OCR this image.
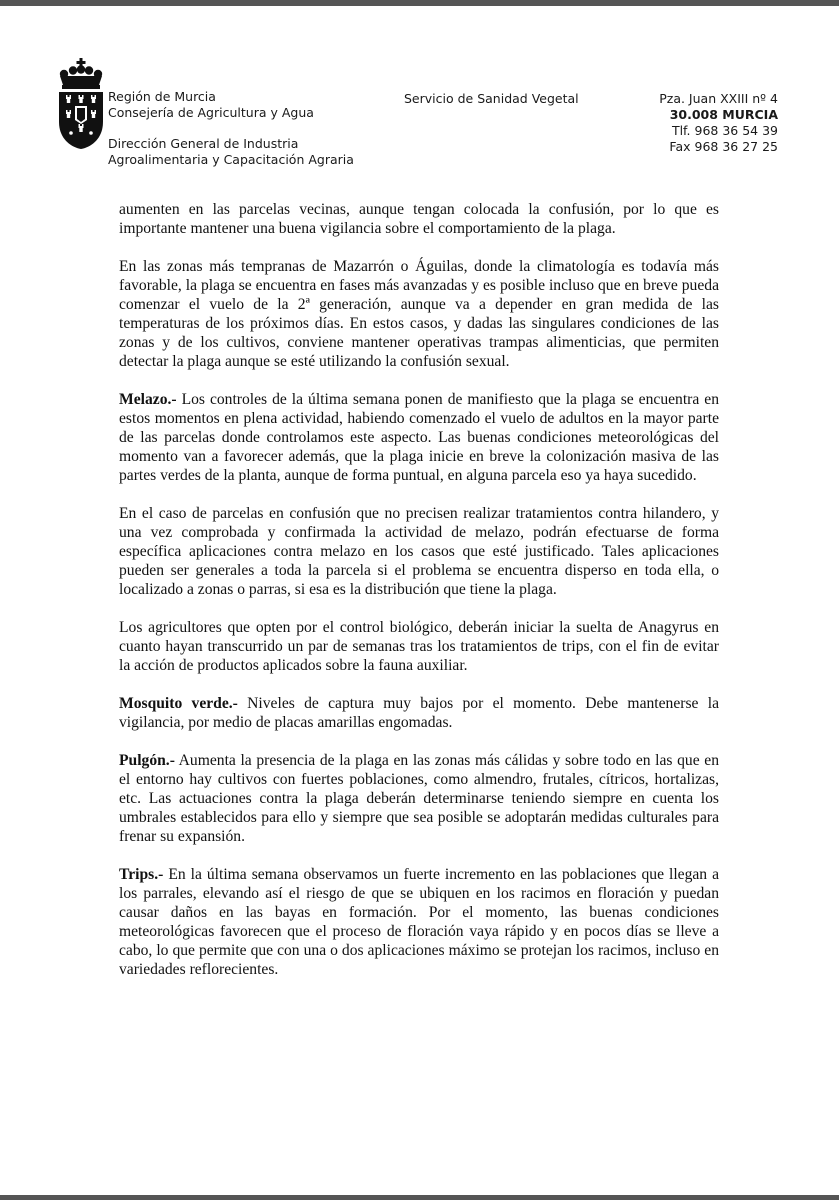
Región de Murcia
Consejería de Agricultura y Agua
Dirección General de Industria
Agroalimentaria y Capacitación Agraria
Servicio de Sanidad Vegetal	Pza. Juan XXIII nº 4
30.008 MURCIA
Tlf. 968 36 54 39
Fax 968 36 27 25

aumenten en las parcelas vecinas, aunque tengan colocada la confusión, por lo que es importante mantener una buena vigilancia sobre el comportamiento de la plaga.

En las zonas más tempranas de Mazarrón o Águilas, donde la climatología es todavía más favorable, la plaga se encuentra en fases más avanzadas y es posible incluso que en breve pueda comenzar el vuelo de la 2ª generación, aunque va a depender en gran medida de las temperaturas de los próximos días. En estos casos, y dadas las singulares condiciones de las zonas y de los cultivos, conviene mantener operativas trampas alimenticias, que permiten detectar la plaga aunque se esté utilizando la confusión sexual.

Melazo.- Los controles de la última semana ponen de manifiesto que la plaga se encuentra en estos momentos en plena actividad, habiendo comenzado el vuelo de adultos en la mayor parte de las parcelas donde controlamos este aspecto. Las buenas condiciones meteorológicas del momento van a favorecer además, que la plaga inicie en breve la colonización masiva de las partes verdes de la planta, aunque de forma puntual, en alguna parcela eso ya haya sucedido.

En el caso de parcelas en confusión que no precisen realizar tratamientos contra hilandero, y una vez comprobada y confirmada la actividad de melazo, podrán efectuarse de forma específica aplicaciones contra melazo en los casos que esté justificado. Tales aplicaciones pueden ser generales a toda la parcela si el problema se encuentra disperso en toda ella, o localizado a zonas o parras, si esa es la distribución que tiene la plaga.

Los agricultores que opten por el control biológico, deberán iniciar la suelta de Anagyrus en cuanto hayan transcurrido un par de semanas tras los tratamientos de trips, con el fin de evitar la acción de productos aplicados sobre la fauna auxiliar.

Mosquito verde.- Niveles de captura muy bajos por el momento. Debe mantenerse la vigilancia, por medio de placas amarillas engomadas.

Pulgón.- Aumenta la presencia de la plaga en las zonas más cálidas y sobre todo en las que en el entorno hay cultivos con fuertes poblaciones, como almendro, frutales, cítricos, hortalizas, etc. Las actuaciones contra la plaga deberán determinarse teniendo siempre en cuenta los umbrales establecidos para ello y siempre que sea posible se adoptarán medidas culturales para frenar su expansión.

Trips.- En la última semana observamos un fuerte incremento en las poblaciones que llegan a los parrales, elevando así el riesgo de que se ubiquen en los racimos en floración y puedan causar daños en las bayas en formación. Por el momento, las buenas condiciones meteorológicas favorecen que el proceso de floración vaya rápido y en pocos días se lleve a cabo, lo que permite que con una o dos aplicaciones máximo se protejan los racimos, incluso en variedades reflorecientes.
